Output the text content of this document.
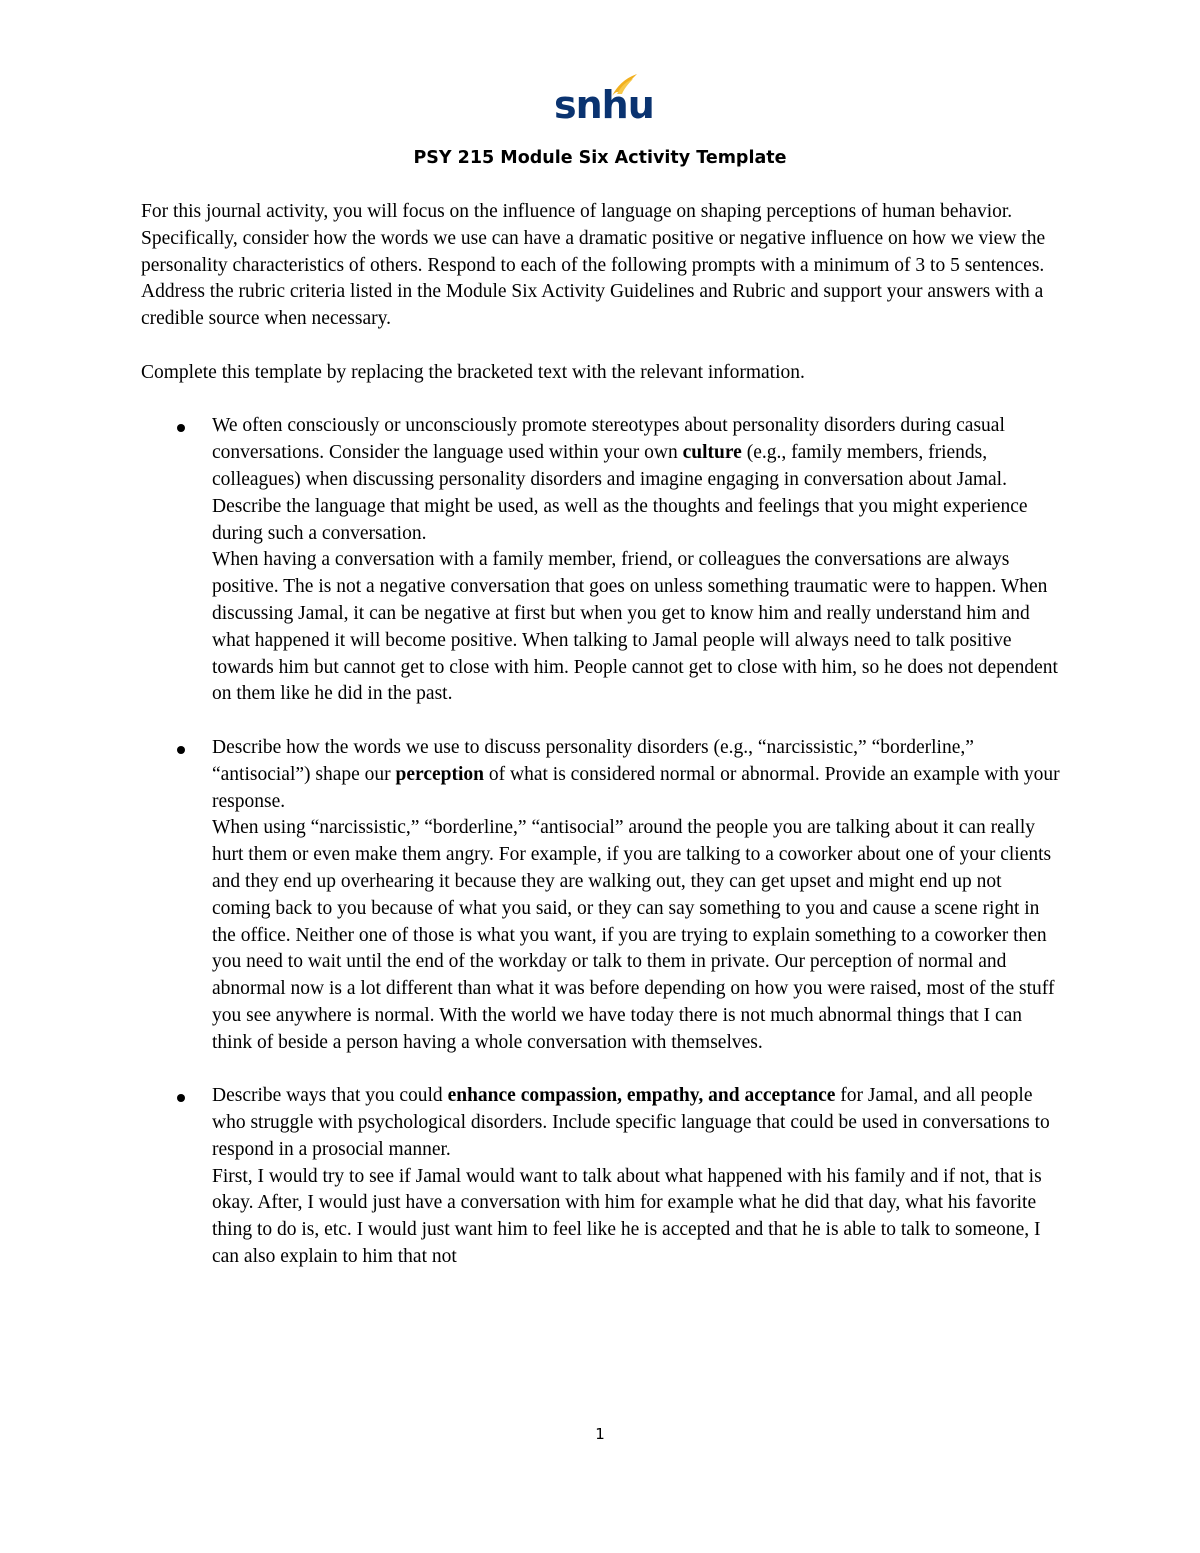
snhu
PSY 215 Module Six Activity Template

For this journal activity, you will focus on the influence of language on shaping perceptions of human behavior. Specifically, consider how the words we use can have a dramatic positive or negative influence on how we view the personality characteristics of others. Respond to each of the following prompts with a minimum of 3 to 5 sentences. Address the rubric criteria listed in the Module Six Activity Guidelines and Rubric and support your answers with a credible source when necessary.

Complete this template by replacing the bracketed text with the relevant information.

We often consciously or unconsciously promote stereotypes about personality disorders during casual conversations. Consider the language used within your own culture (e.g., family members, friends, colleagues) when discussing personality disorders and imagine engaging in conversation about Jamal. Describe the language that might be used, as well as the thoughts and feelings that you might experience during such a conversation.

When having a conversation with a family member, friend, or colleagues the conversations are always positive. The is not a negative conversation that goes on unless something traumatic were to happen. When discussing Jamal, it can be negative at first but when you get to know him and really understand him and what happened it will become positive. When talking to Jamal people will always need to talk positive towards him but cannot get to close with him. People cannot get to close with him, so he does not dependent on them like he did in the past.

Describe how the words we use to discuss personality disorders (e.g., “narcissistic,” “borderline,” “antisocial”) shape our perception of what is considered normal or abnormal. Provide an example with your response.

When using “narcissistic,” “borderline,” “antisocial” around the people you are talking about it can really hurt them or even make them angry. For example, if you are talking to a coworker about one of your clients and they end up overhearing it because they are walking out, they can get upset and might end up not coming back to you because of what you said, or they can say something to you and cause a scene right in the office. Neither one of those is what you want, if you are trying to explain something to a coworker then you need to wait until the end of the workday or talk to them in private. Our perception of normal and abnormal now is a lot different than what it was before depending on how you were raised, most of the stuff you see anywhere is normal. With the world we have today there is not much abnormal things that I can think of beside a person having a whole conversation with themselves.

Describe ways that you could enhance compassion, empathy, and acceptance for Jamal, and all people who struggle with psychological disorders. Include specific language that could be used in conversations to respond in a prosocial manner.

First, I would try to see if Jamal would want to talk about what happened with his family and if not, that is okay. After, I would just have a conversation with him for example what he did that day, what his favorite thing to do is, etc. I would just want him to feel like he is accepted and that he is able to talk to someone, I can also explain to him that not

1
